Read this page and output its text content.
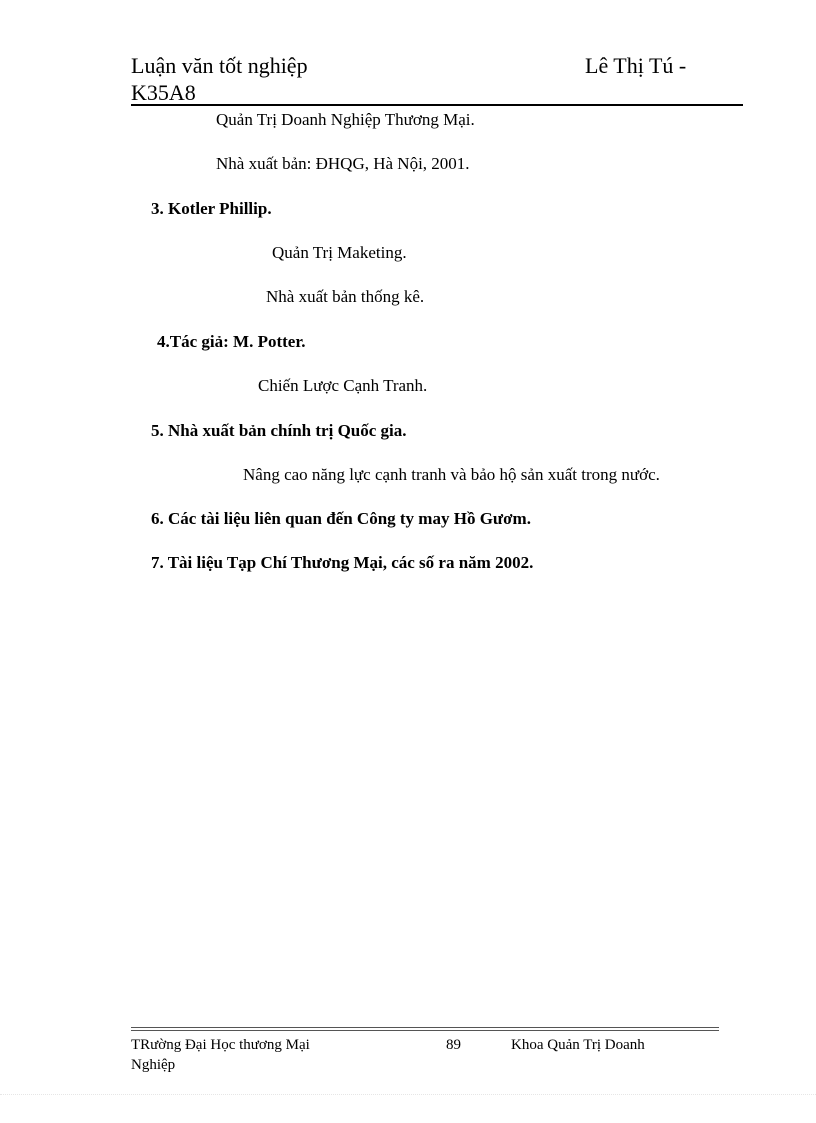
Luận văn tốt nghiệp
K35A8
Lê Thị Tú -
Quản Trị Doanh Nghiệp Thương Mại.
Nhà xuất bản: ĐHQG, Hà Nội, 2001.
3. Kotler Phillip.
Quản Trị Maketing.
Nhà xuất bản thống kê.
4.Tác giả: M. Potter.
Chiến Lược Cạnh Tranh.
5. Nhà xuất bản chính trị Quốc gia.
Nâng cao năng lực cạnh tranh và bảo hộ sản xuất trong nước.
6. Các tài liệu liên quan đến Công ty may Hồ Gươm.
7. Tài liệu Tạp Chí Thương Mại, các số ra năm 2002.
TRường Đại Học thương Mại
Nghiệp
89	Khoa Quản Trị Doanh
